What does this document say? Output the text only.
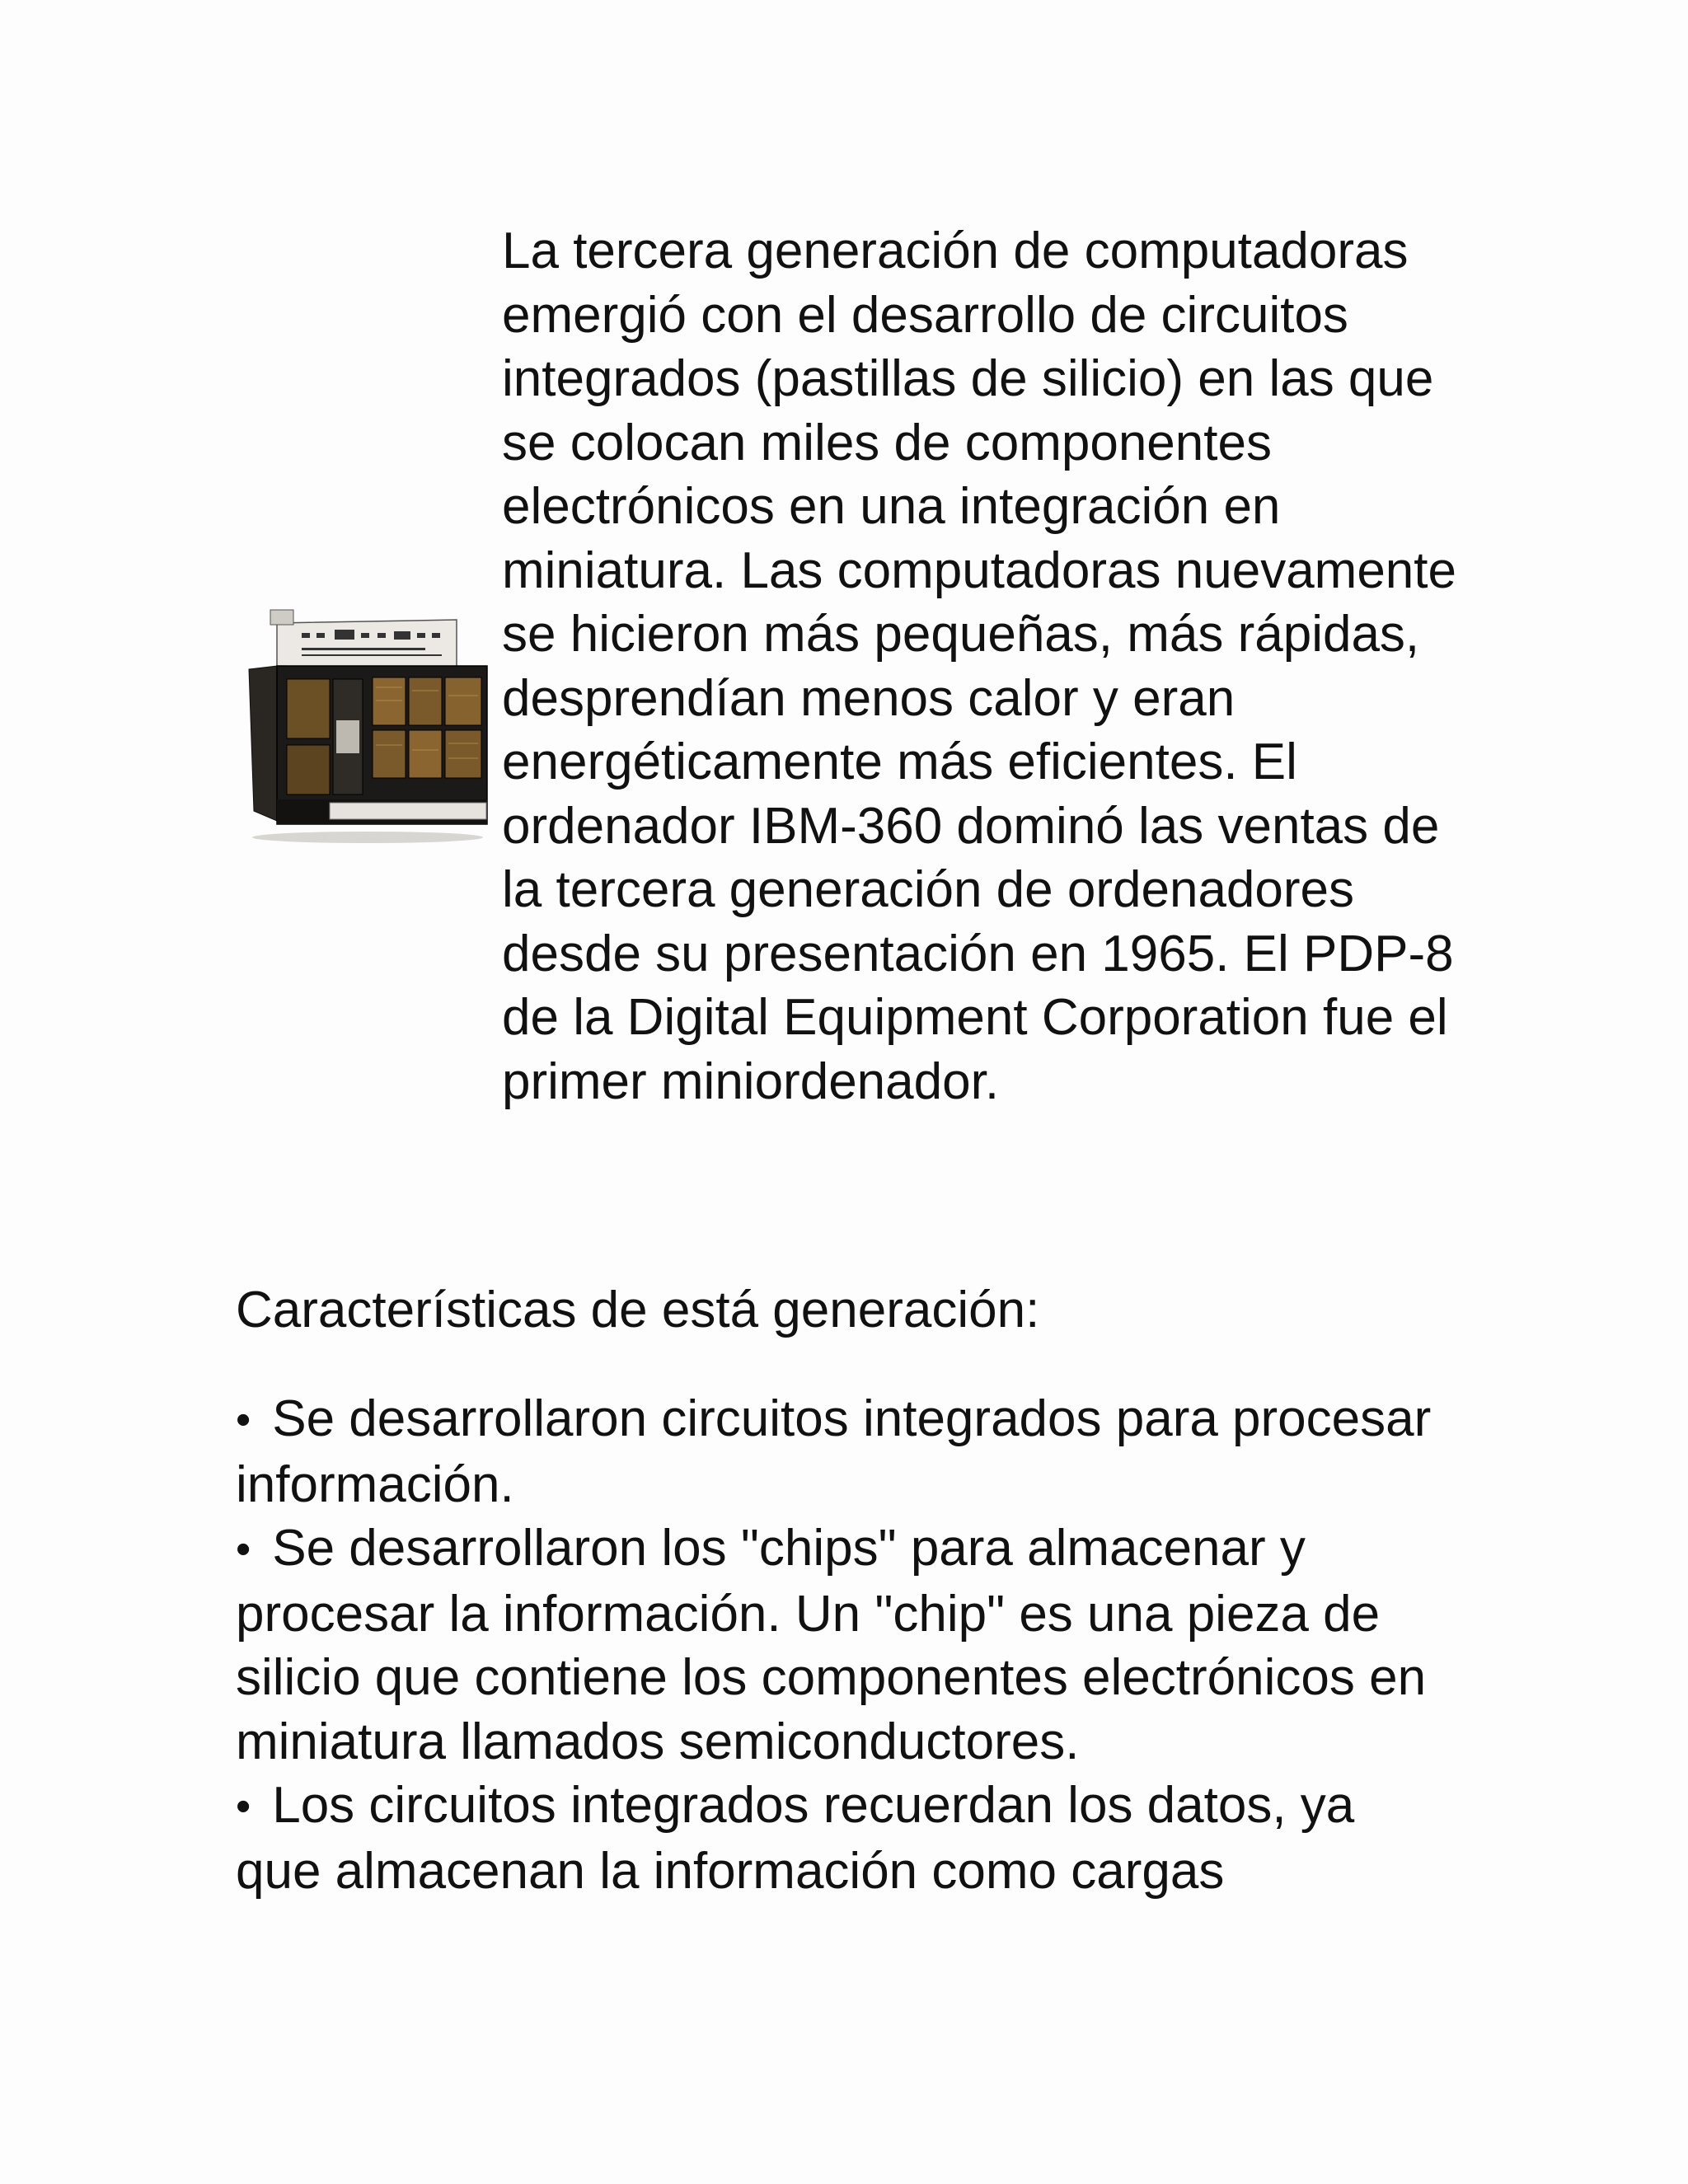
La tercera generación de computadoras emergió con el desarrollo de circuitos integrados (pastillas de silicio) en las que se colocan miles de componentes electrónicos en una integración en miniatura. Las computadoras nuevamente se hicieron más pequeñas, más rápidas, desprendían menos calor y eran energéticamente más eficientes. El ordenador IBM-360 dominó las ventas de la tercera generación de ordenadores desde su presentación en 1965. El PDP-8 de la Digital Equipment Corporation fue el primer miniordenador.

Características de está generación:

• Se desarrollaron circuitos integrados para procesar información.
• Se desarrollaron los "chips" para almacenar y procesar la información. Un "chip" es una pieza de silicio que contiene los componentes electrónicos en miniatura llamados semiconductores.
• Los circuitos integrados recuerdan los datos, ya que almacenan la información como cargas
